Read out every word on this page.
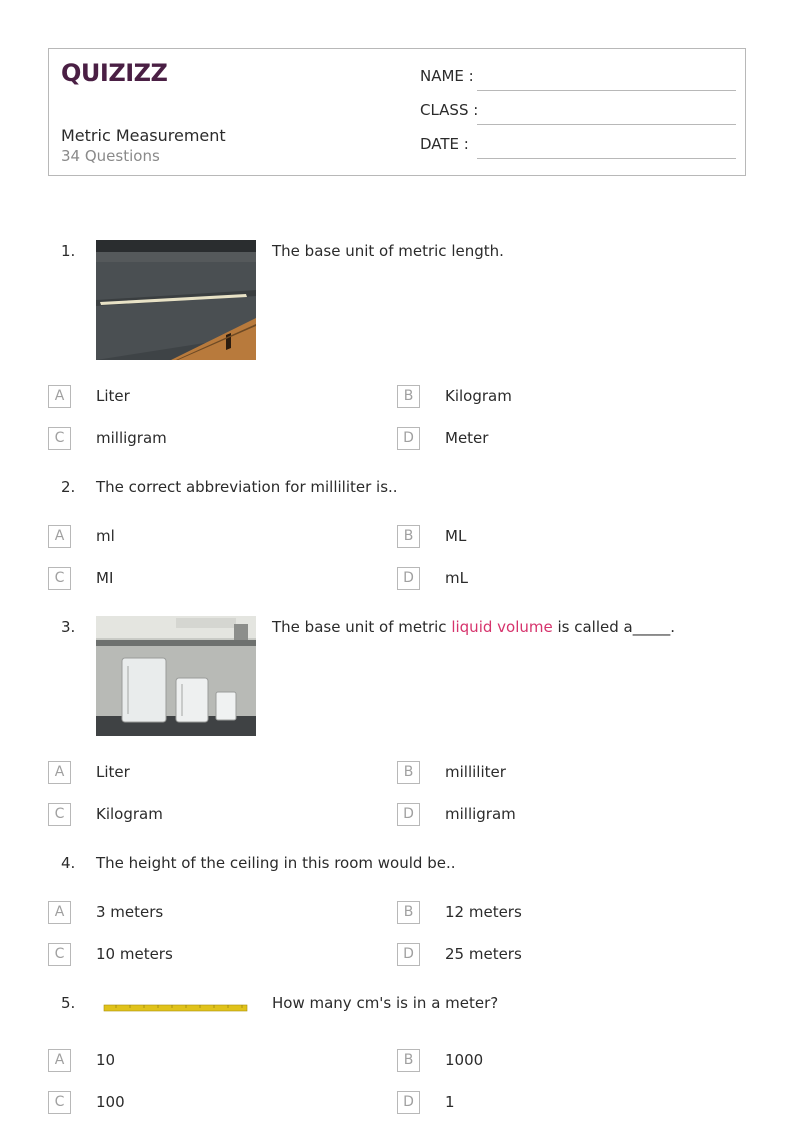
QUIZIZZ
Metric Measurement
34 Questions
NAME :
CLASS :
DATE :
1.	The base unit of metric length.
A	Liter	B	Kilogram
C	milligram	D	Meter
2. The correct abbreviation for milliliter is..
A	ml	B	ML
C	MI	D	mL
3.	The base unit of metric liquid volume is called a_____.
A	Liter	B	milliliter
C	Kilogram	D	milligram
4. The height of the ceiling in this room would be..
A	3 meters	B	12 meters
C	10 meters	D	25 meters
5.	How many cm's is in a meter?
A	10	B	1000
C	100	D	1
